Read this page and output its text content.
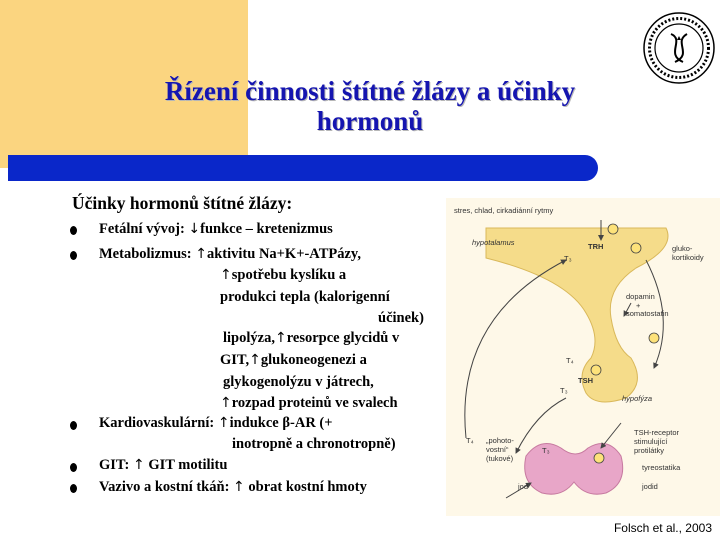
Řízení činnosti štítné žlázy a účinky
hormonů
Účinky hormonů štítné žlázy:
Fetální vývoj: ↓funkce – kretenizmus
Metabolizmus: ↑aktivitu Na+K+-ATPázy,
↑spotřebu kyslíku a
produkci tepla (kalorigenní
účinek)
lipolýza,↑resorpce glycidů v
GIT,↑glukoneogenezi a
glykogenolýzu v játrech,
↑rozpad proteinů ve svalech
Kardiovaskulární: ↑indukce β-AR (+
inotropně a chronotropně)
GIT: ↑ GIT motilitu
Vazivo a kostní tkáň: ↑ obrat kostní hmoty
stres, chlad, cirkadiánní rytmy
hypotalamus	TRH
T₃
gluko-
kortikoidy
dopamin
+
somatostatin
T₄
TSH
T₃
hypofýza
T₄ „pohoto-
vostní“
(tukové)
T₃
TSH-receptor
stimulující
protilátky
tyreostatika
jod	jodid
Folsch et al., 2003
